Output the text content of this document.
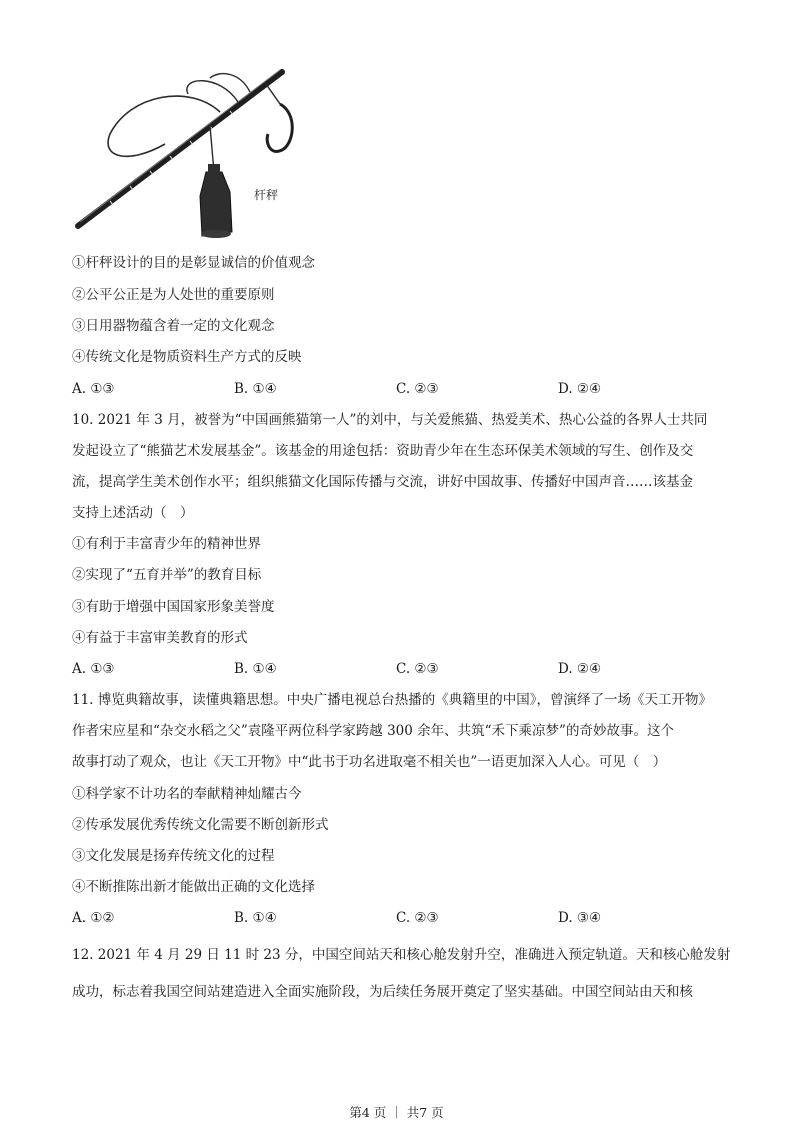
杆秤
①杆秤设计的目的是彰显诚信的价值观念
②公平公正是为人处世的重要原则
③日用器物蕴含着一定的文化观念
④传统文化是物质资料生产方式的反映
A. ①③	B. ①④	C. ②③	D. ②④
10. 2021 年 3 月，被誉为“中国画熊猫第一人”的刘中，与关爱熊猫、热爱美术、热心公益的各界人士共同
发起设立了“熊猫艺术发展基金”。该基金的用途包括：资助青少年在生态环保美术领域的写生、创作及交
流，提高学生美术创作水平；组织熊猫文化国际传播与交流，讲好中国故事、传播好中国声音……该基金
支持上述活动（　）
①有利于丰富青少年的精神世界
②实现了“五育并举”的教育目标
③有助于增强中国国家形象美誉度
④有益于丰富审美教育的形式
A. ①③	B. ①④	C. ②③	D. ②④
11. 博览典籍故事，读懂典籍思想。中央广播电视总台热播的《典籍里的中国》，曾演绎了一场《天工开物》
作者宋应星和“杂交水稻之父”袁隆平两位科学家跨越 300 余年、共筑“禾下乘凉梦”的奇妙故事。这个
故事打动了观众，也让《天工开物》中“此书于功名进取毫不相关也”一语更加深入人心。可见（　）
①科学家不计功名的奉献精神灿耀古今
②传承发展优秀传统文化需要不断创新形式
③文化发展是扬弃传统文化的过程
④不断推陈出新才能做出正确的文化选择
A. ①②	B. ①④	C. ②③	D. ③④
12. 2021 年 4 月 29 日 11 时 23 分，中国空间站天和核心舱发射升空，准确进入预定轨道。天和核心舱发射
成功，标志着我国空间站建造进入全面实施阶段，为后续任务展开奠定了坚实基础。中国空间站由天和核
第4 页 ｜ 共7 页
